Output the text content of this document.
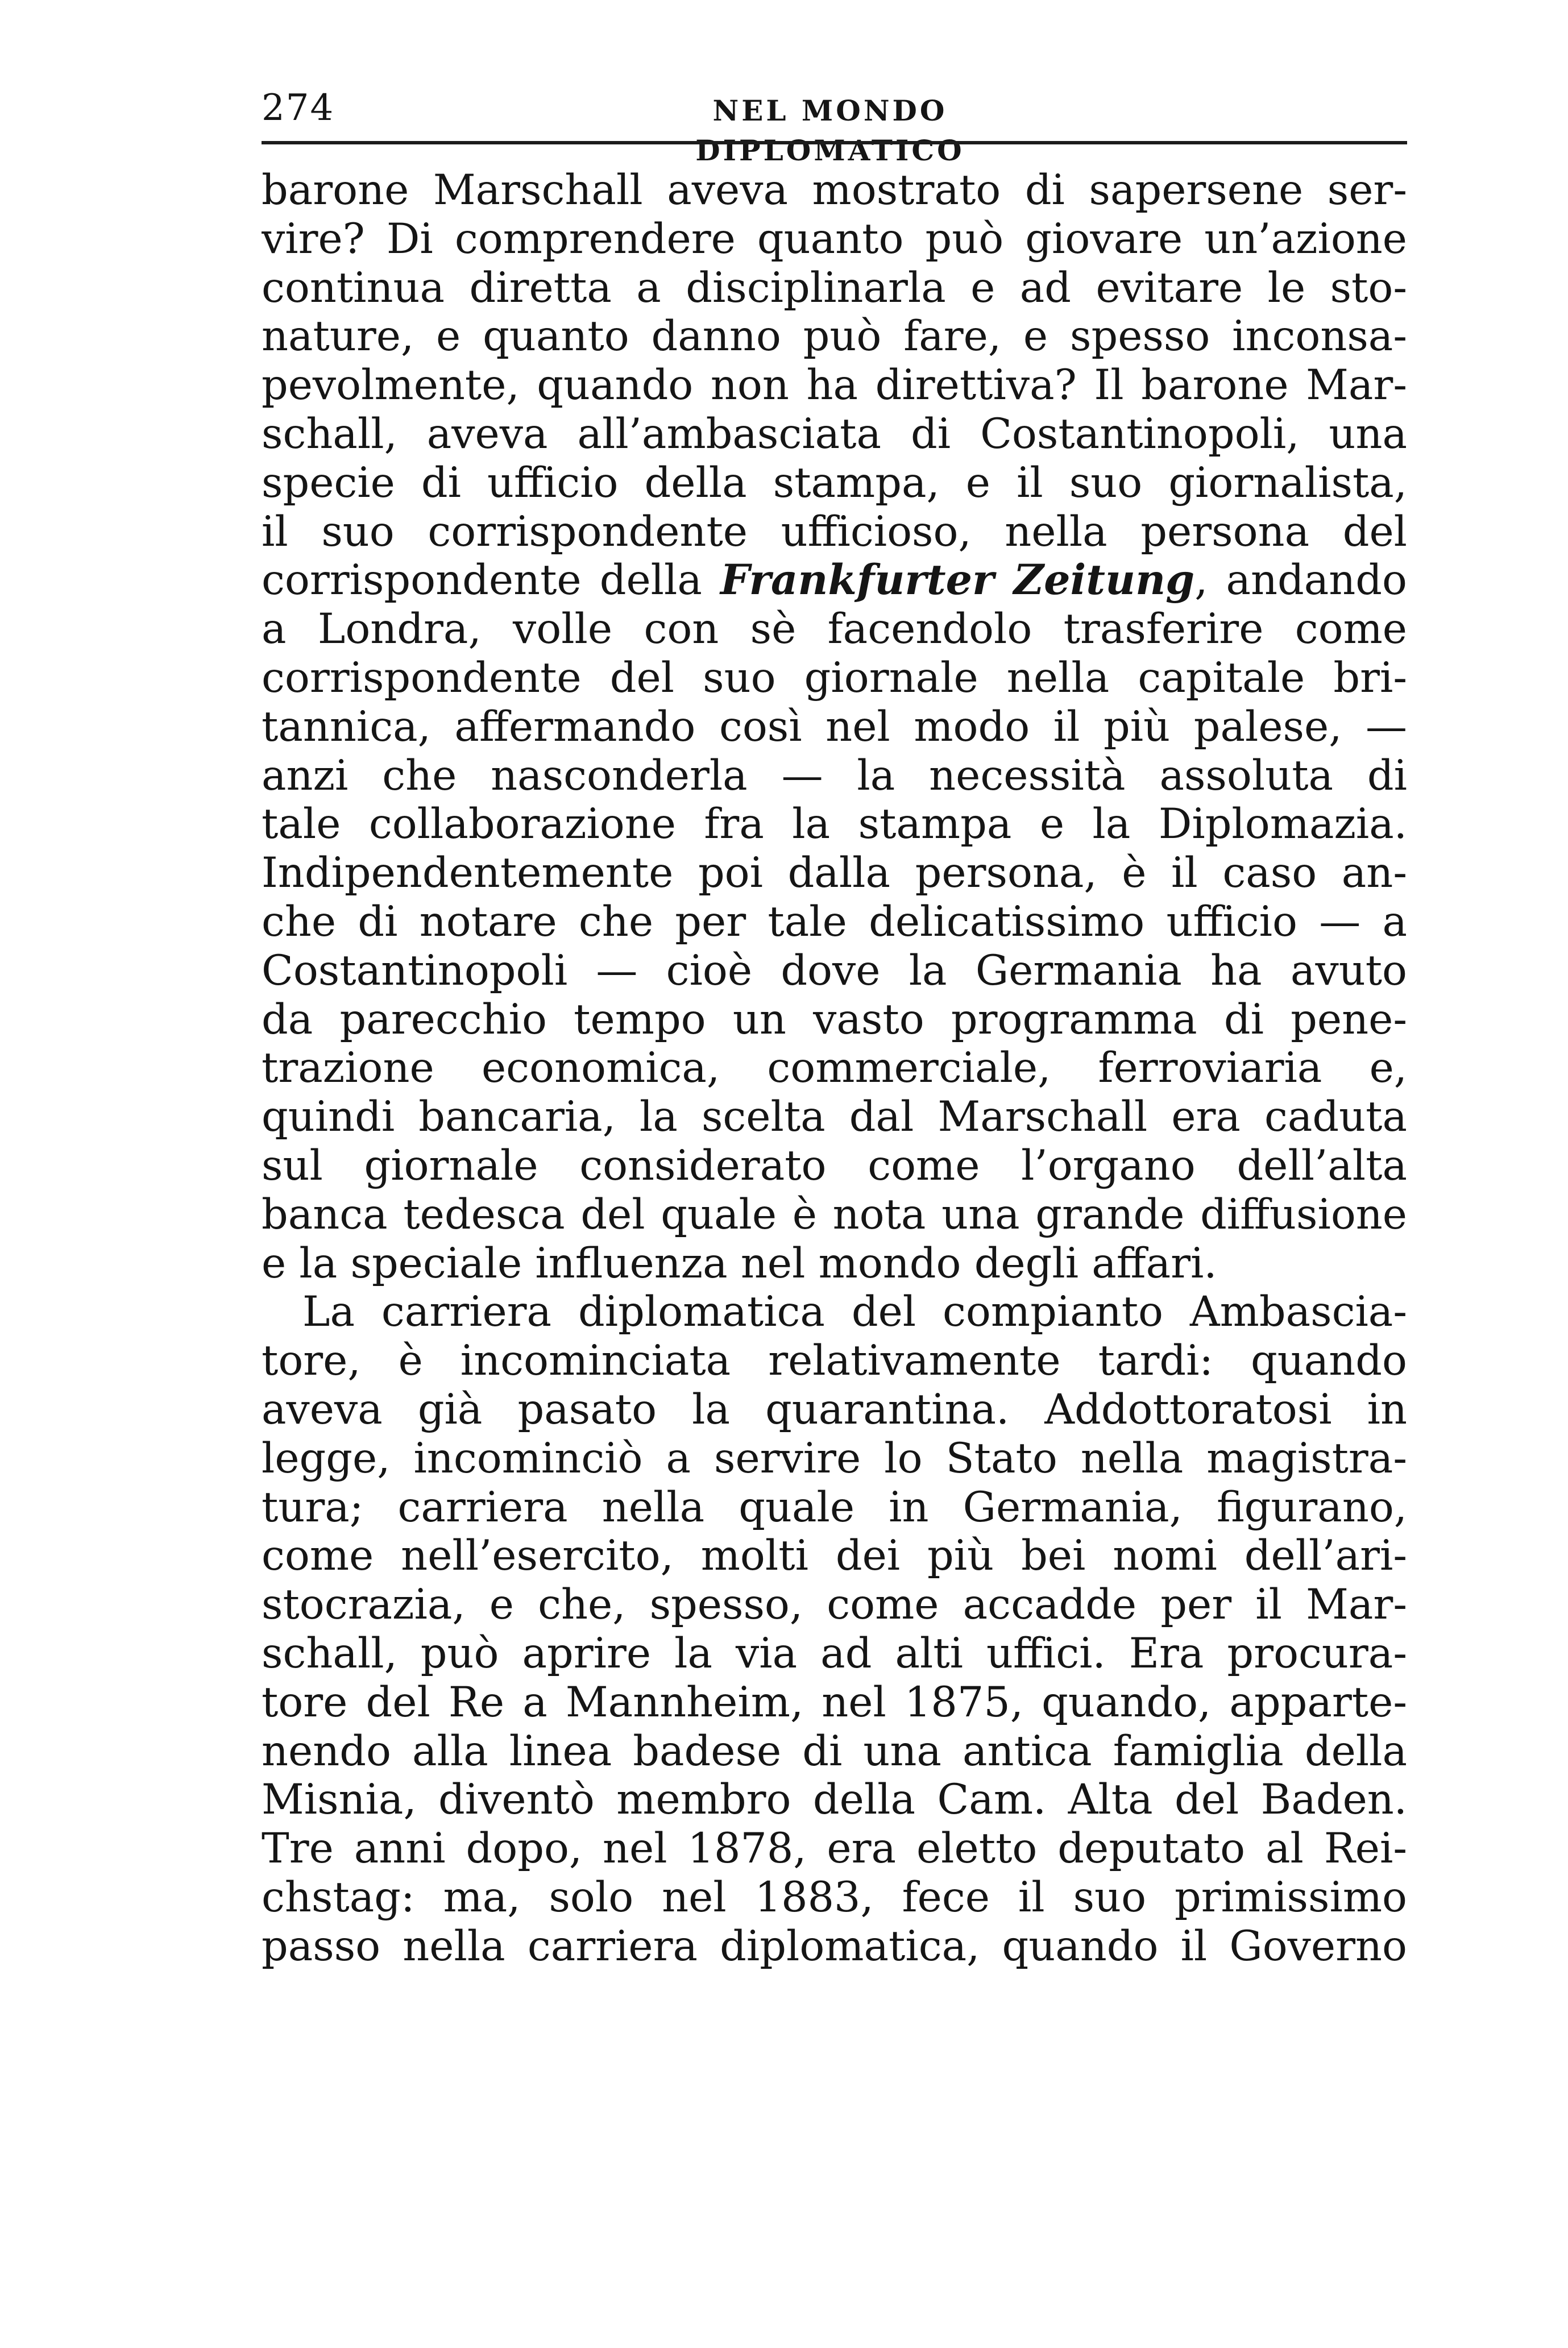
274	NEL MONDO DIPLOMATICO
barone Marschall aveva mostrato di sapersene ser-
vire? Di comprendere quanto può giovare un’azione
continua diretta a disciplinarla e ad evitare le sto-
nature, e quanto danno può fare, e spesso inconsa-
pevolmente, quando non ha direttiva? Il barone Mar-
schall, aveva all’ambasciata di Costantinopoli, una
specie di ufficio della stampa, e il suo giornalista,
il suo corrispondente ufficioso, nella persona del
corrispondente della Frankfurter Zeitung, andando
a Londra, volle con sè facendolo trasferire come
corrispondente del suo giornale nella capitale bri-
tannica, affermando così nel modo il più palese, —
anzi che nasconderla — la necessità assoluta di
tale collaborazione fra la stampa e la Diplomazia.
Indipendentemente poi dalla persona, è il caso an-
che di notare che per tale delicatissimo ufficio — a
Costantinopoli — cioè dove la Germania ha avuto
da parecchio tempo un vasto programma di pene-
trazione economica, commerciale, ferroviaria e,
quindi bancaria, la scelta dal Marschall era caduta
sul giornale considerato come l’organo dell’alta
banca tedesca del quale è nota una grande diffusione
e la speciale influenza nel mondo degli affari.
La carriera diplomatica del compianto Ambascia-
tore, è incominciata relativamente tardi: quando
aveva già pasato la quarantina. Addottoratosi in
legge, incominciò a servire lo Stato nella magistra-
tura; carriera nella quale in Germania, figurano,
come nell’esercito, molti dei più bei nomi dell’ari-
stocrazia, e che, spesso, come accadde per il Mar-
schall, può aprire la via ad alti uffici. Era procura-
tore del Re a Mannheim, nel 1875, quando, apparte-
nendo alla linea badese di una antica famiglia della
Misnia, diventò membro della Cam. Alta del Baden.
Tre anni dopo, nel 1878, era eletto deputato al Rei-
chstag: ma, solo nel 1883, fece il suo primissimo
passo nella carriera diplomatica, quando il Governo
